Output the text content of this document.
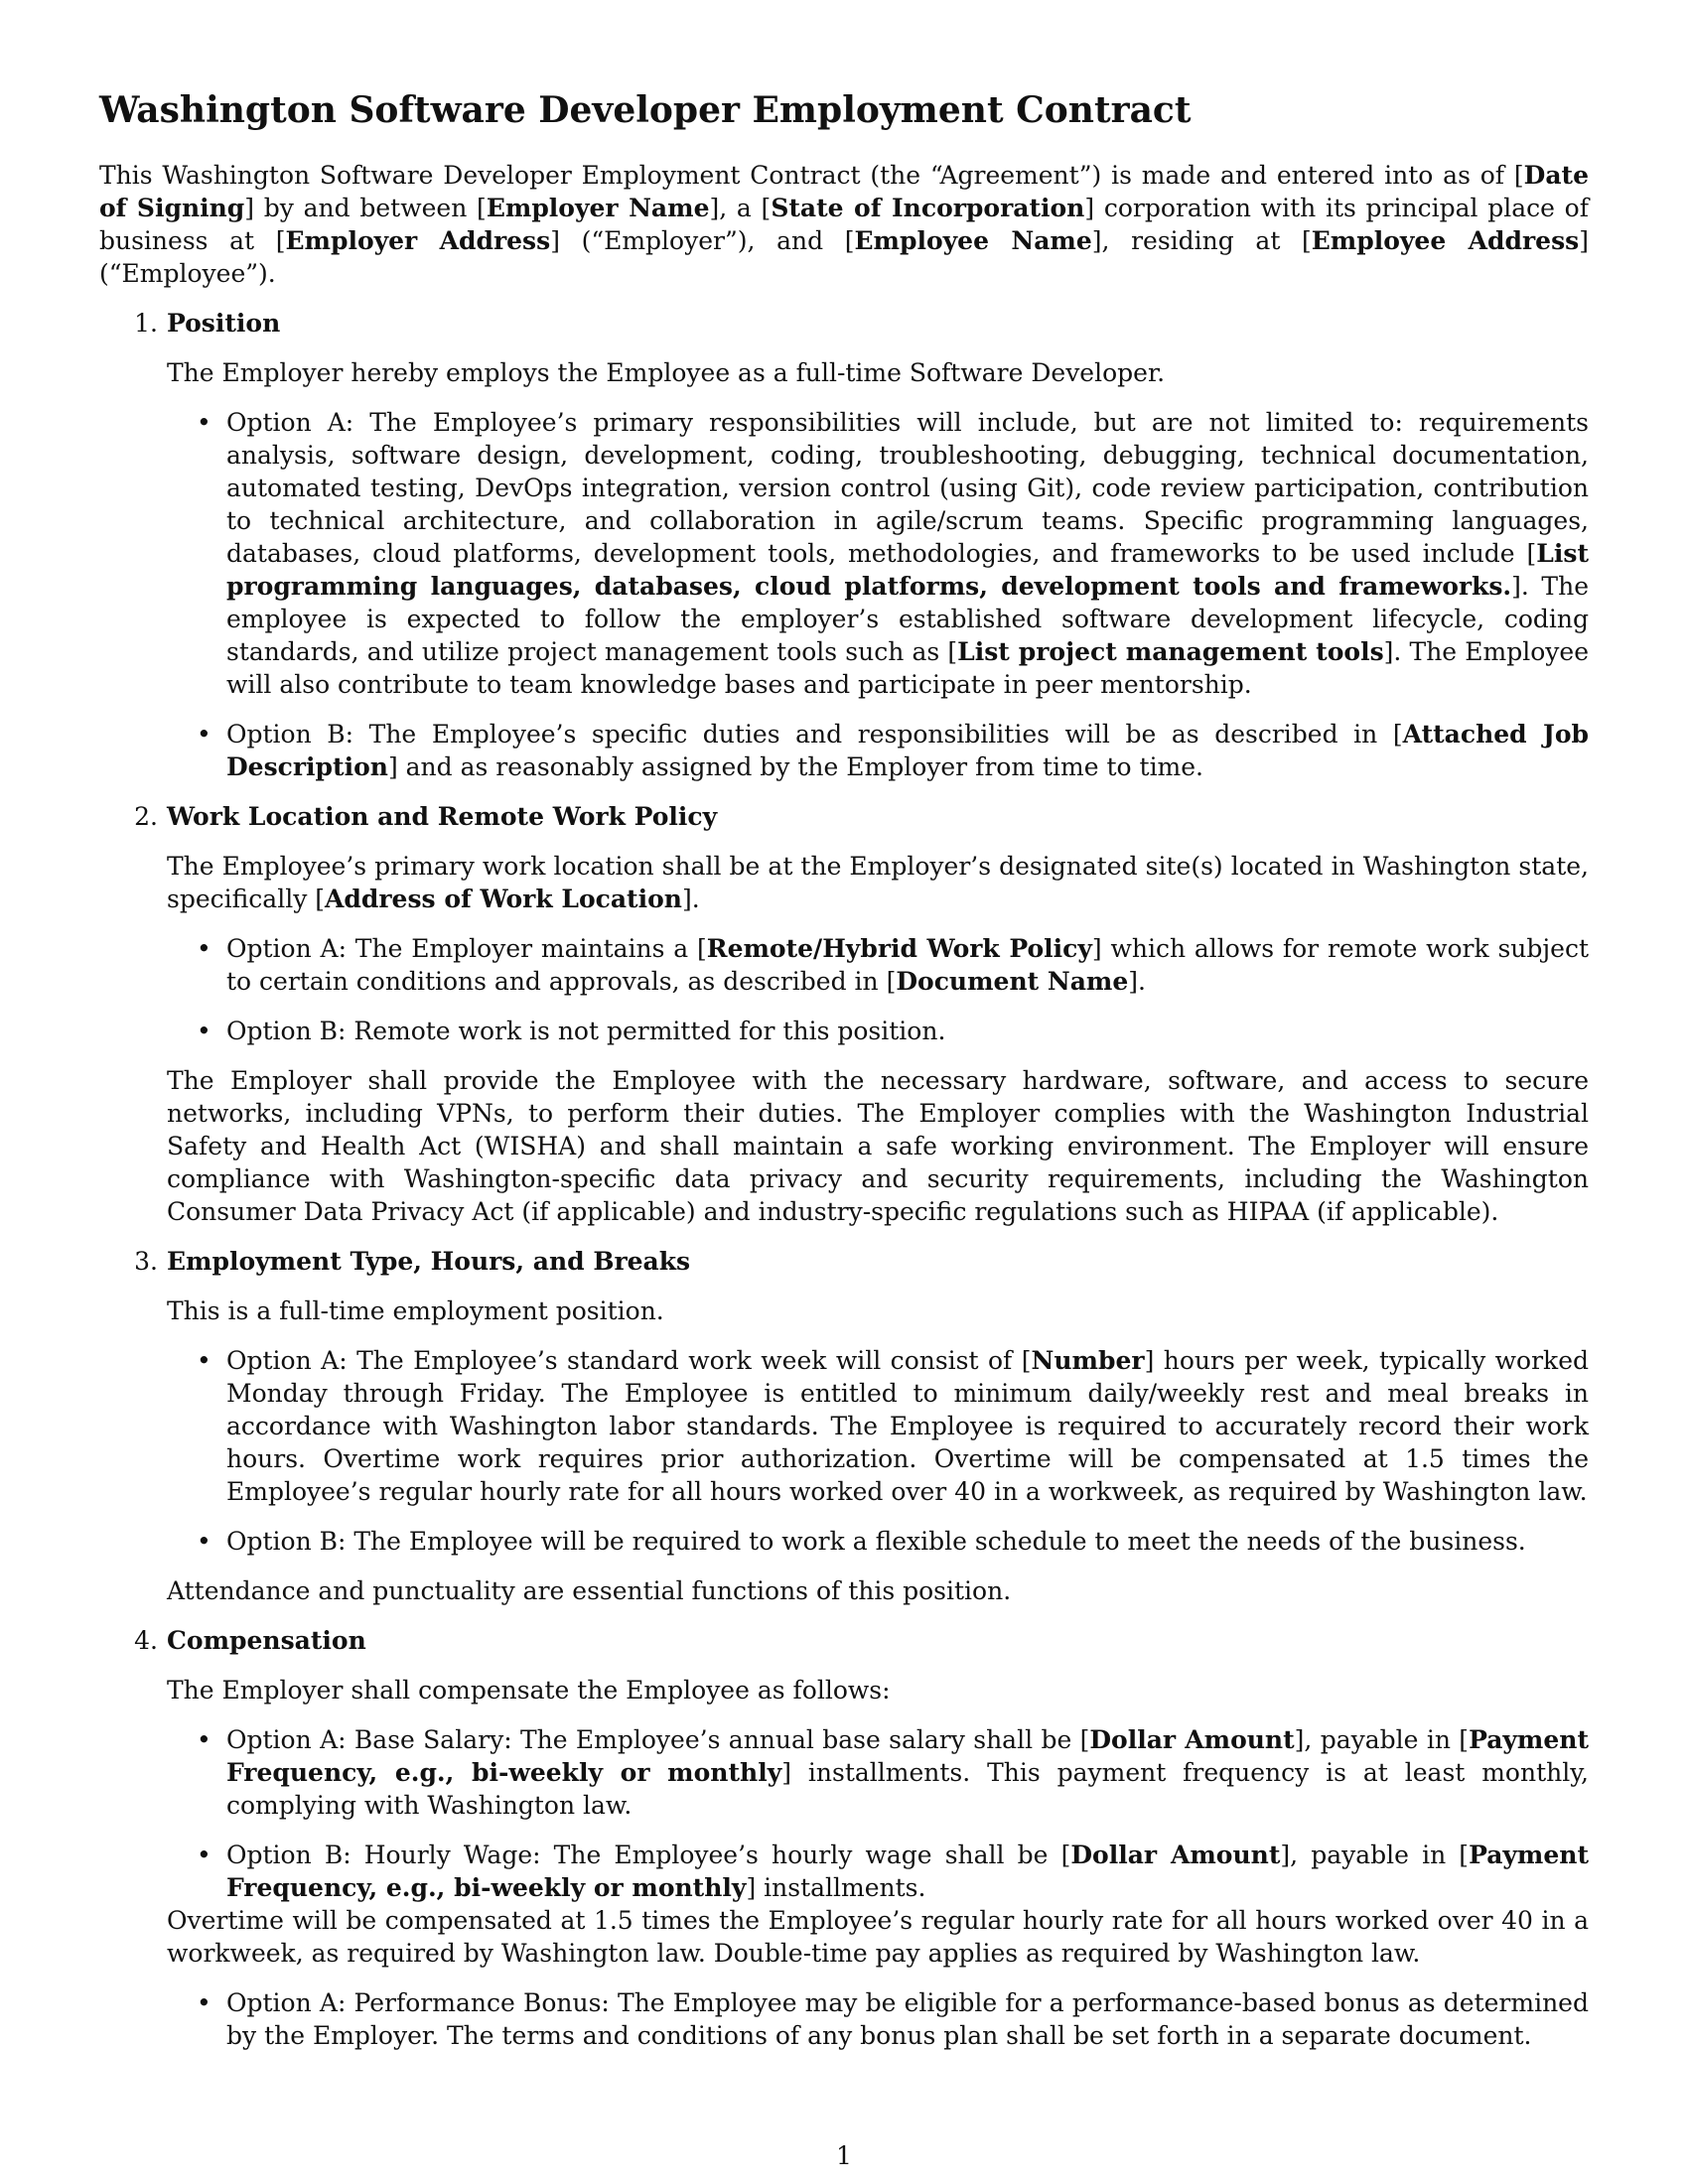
Washington Software Developer Employment Contract

This Washington Software Developer Employment Contract (the “Agreement”) is made and entered into as of [Date of Signing] by and between [Employer Name], a [State of Incorporation] corporation with its principal place of business at [Employer Address] (“Employer”), and [Employee Name], residing at [Employee Address] (“Employee”).

1. Position

The Employer hereby employs the Employee as a full-time Software Developer.

• Option A: The Employee’s primary responsibilities will include, but are not limited to: requirements analysis, software design, development, coding, troubleshooting, debugging, technical documentation, automated testing, DevOps integration, version control (using Git), code review participation, contribution to technical architecture, and collaboration in agile/scrum teams. Specific programming languages, databases, cloud platforms, development tools, methodologies, and frameworks to be used include [List programming languages, databases, cloud platforms, development tools and frameworks.]. The employee is expected to follow the employer’s established software development lifecycle, coding standards, and utilize project management tools such as [List project management tools]. The Employee will also contribute to team knowledge bases and participate in peer mentorship.
• Option B: The Employee’s specific duties and responsibilities will be as described in [Attached Job Description] and as reasonably assigned by the Employer from time to time.
2. Work Location and Remote Work Policy

The Employee’s primary work location shall be at the Employer’s designated site(s) located in Washington state, specifically [Address of Work Location].

• Option A: The Employer maintains a [Remote/Hybrid Work Policy] which allows for remote work subject to certain conditions and approvals, as described in [Document Name].
• Option B: Remote work is not permitted for this position.

The Employer shall provide the Employee with the necessary hardware, software, and access to secure networks, including VPNs, to perform their duties. The Employer complies with the Washington Industrial Safety and Health Act (WISHA) and shall maintain a safe working environment. The Employer will ensure compliance with Washington-specific data privacy and security requirements, including the Washington Consumer Data Privacy Act (if applicable) and industry-specific regulations such as HIPAA (if applicable).

3. Employment Type, Hours, and Breaks

This is a full-time employment position.

• Option A: The Employee’s standard work week will consist of [Number] hours per week, typically worked Monday through Friday. The Employee is entitled to minimum daily/weekly rest and meal breaks in accordance with Washington labor standards. The Employee is required to accurately record their work hours. Overtime work requires prior authorization. Overtime will be compensated at 1.5 times the Employee’s regular hourly rate for all hours worked over 40 in a workweek, as required by Washington law.
• Option B: The Employee will be required to work a flexible schedule to meet the needs of the business.

Attendance and punctuality are essential functions of this position.

4. Compensation

The Employer shall compensate the Employee as follows:

• Option A: Base Salary: The Employee’s annual base salary shall be [Dollar Amount], payable in [Payment Frequency, e.g., bi-weekly or monthly] installments. This payment frequency is at least monthly, complying with Washington law.
• Option B: Hourly Wage: The Employee’s hourly wage shall be [Dollar Amount], payable in [Payment Frequency, e.g., bi-weekly or monthly] installments.

Overtime will be compensated at 1.5 times the Employee’s regular hourly rate for all hours worked over 40 in a workweek, as required by Washington law. Double-time pay applies as required by Washington law.

• Option A: Performance Bonus: The Employee may be eligible for a performance-based bonus as determined by the Employer. The terms and conditions of any bonus plan shall be set forth in a separate document.
1
